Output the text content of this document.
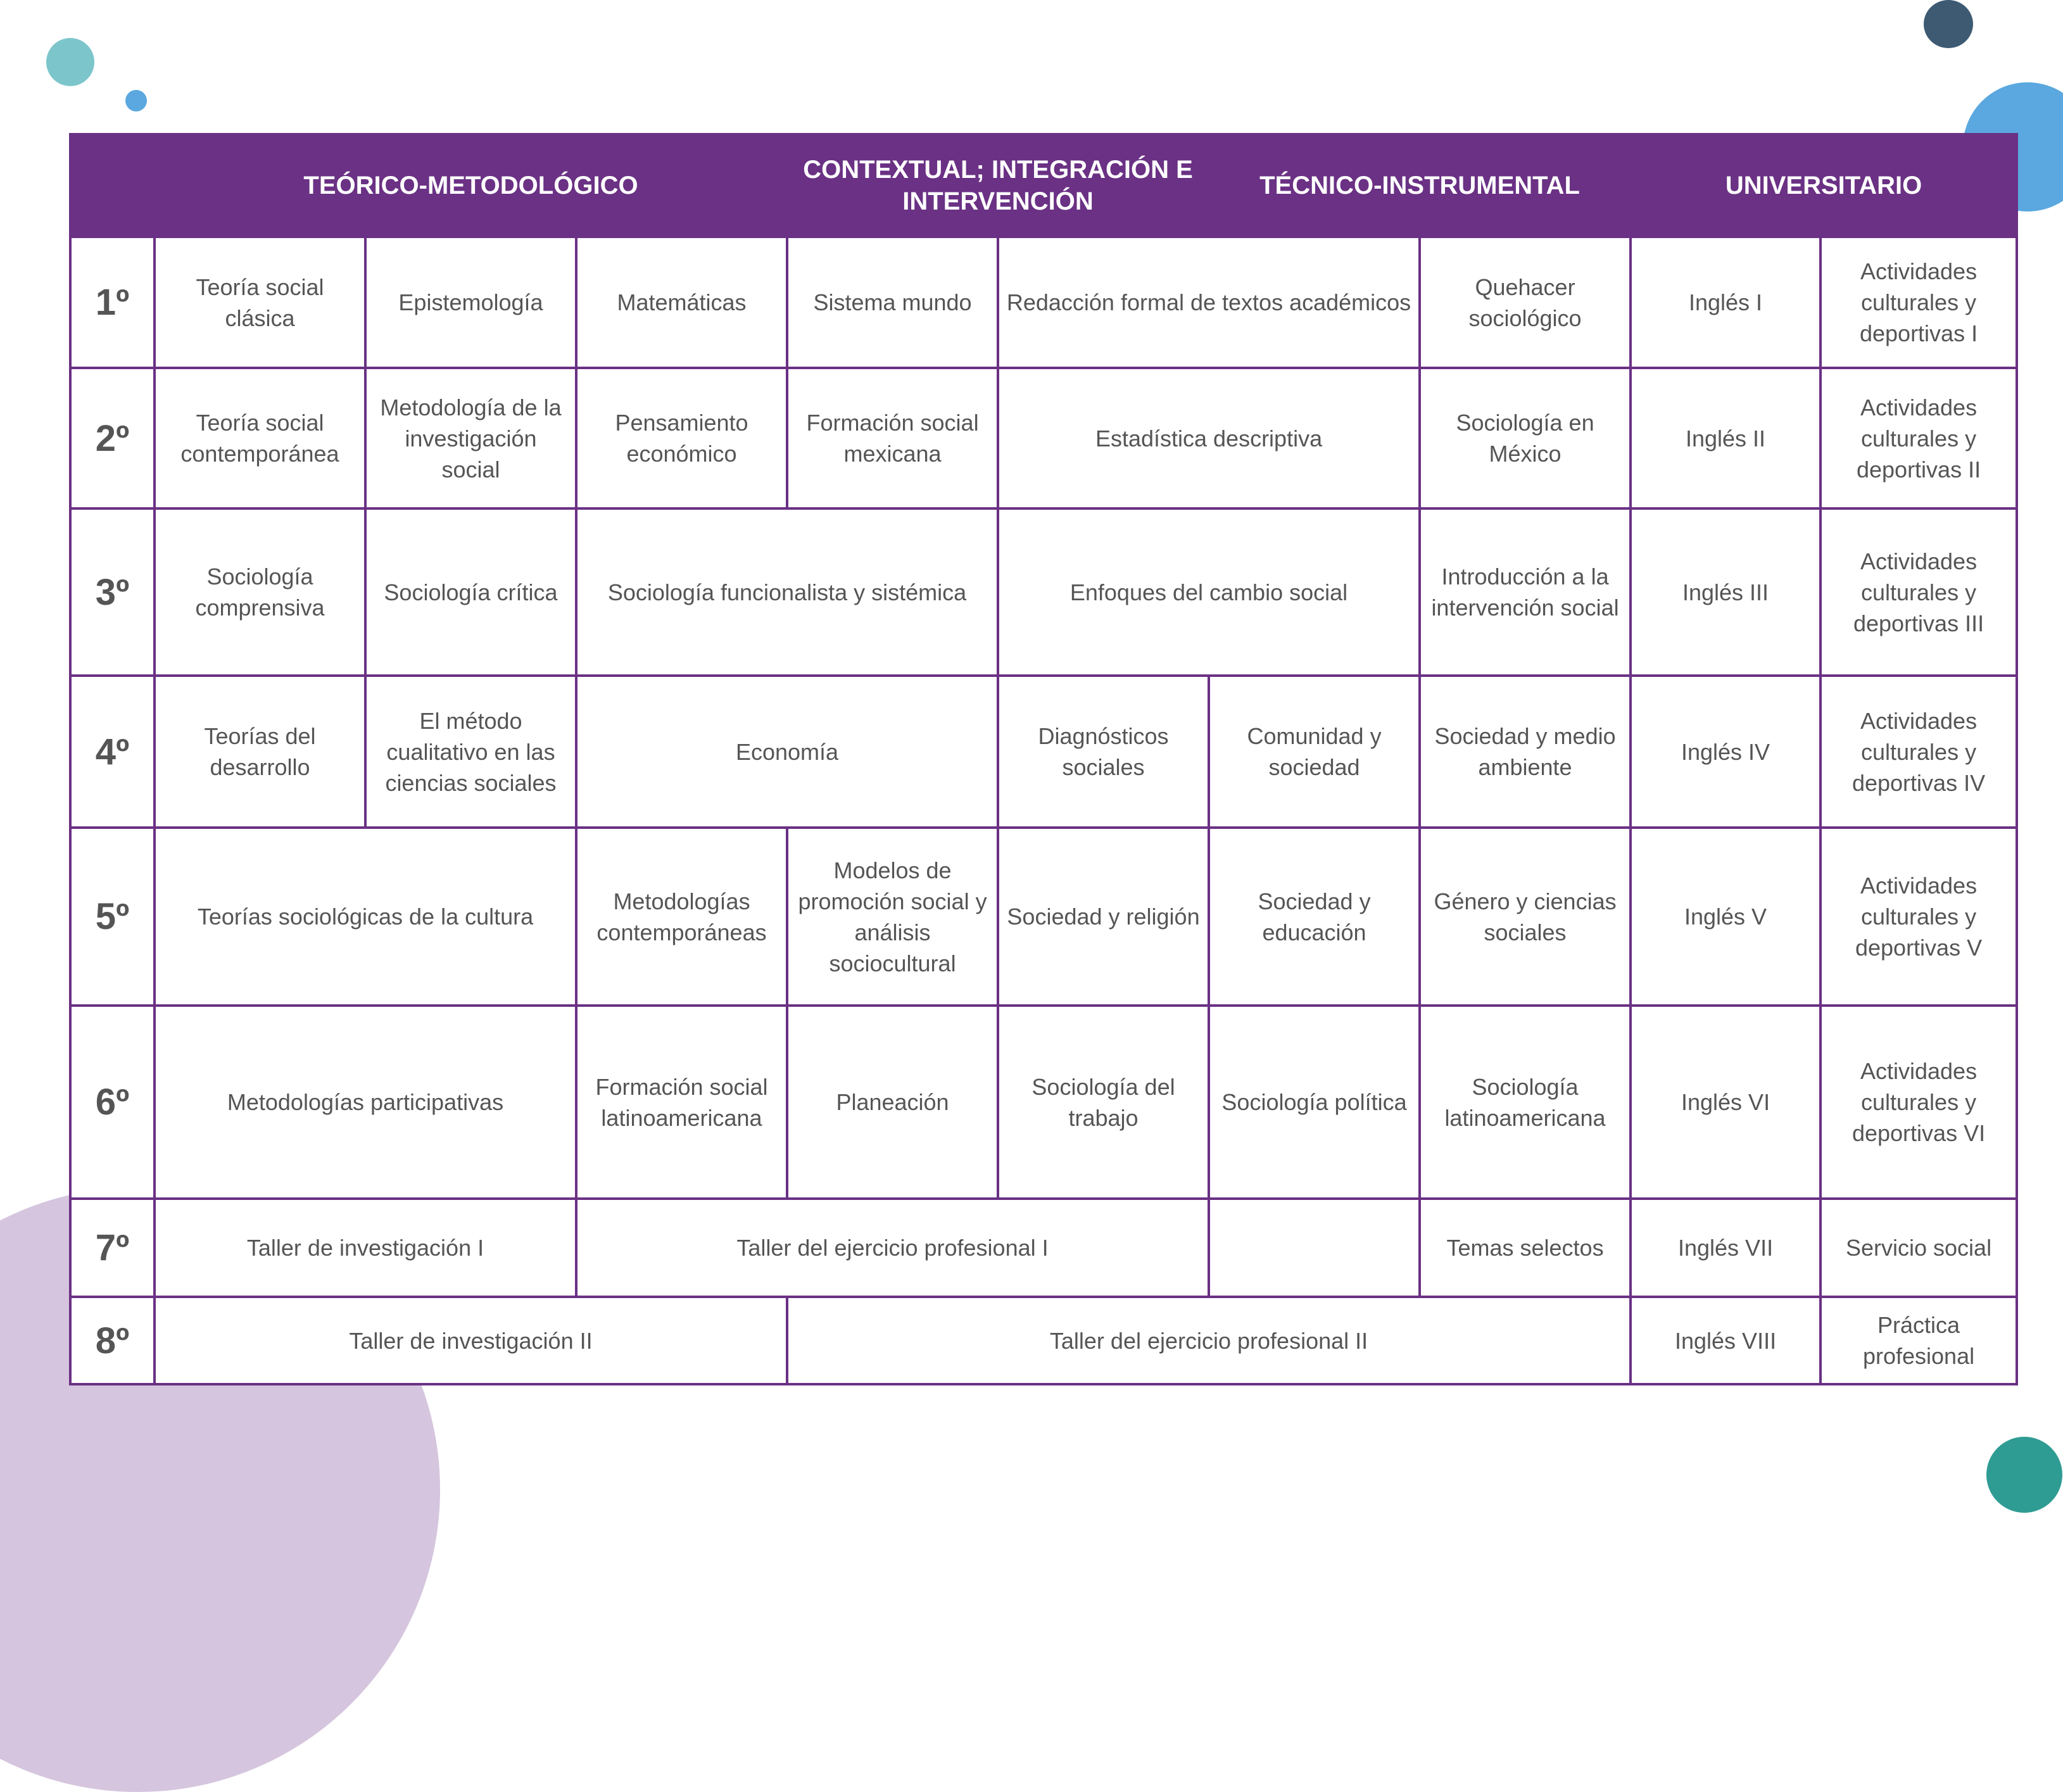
	TEÓRICO-METODOLÓGICO			CONTEXTUAL; INTEGRACIÓN E INTERVENCIÓN		TÉCNICO-INSTRUMENTAL		UNIVERSITARIO	
1º	Teoría social clásica	Epistemología	Matemáticas	Sistema mundo	Redacción formal de textos académicos		Quehacer sociológico	Inglés I	Actividades culturales y deportivas I
2º	Teoría social contemporánea	Metodología de la investigación social	Pensamiento económico	Formación social mexicana	Estadística descriptiva		Sociología en México	Inglés II	Actividades culturales y deportivas II
3º	Sociología comprensiva	Sociología crítica	Sociología funcionalista y sistémica		Enfoques del cambio social		Introducción a la intervención social	Inglés III	Actividades culturales y deportivas III
4º	Teorías del desarrollo	El método cualitativo en las ciencias sociales	Economía		Diagnósticos sociales	Comunidad y sociedad	Sociedad y medio ambiente	Inglés IV	Actividades culturales y deportivas IV
5º	Teorías sociológicas de la cultura		Metodologías contemporáneas	Modelos de promoción social y análisis sociocultural	Sociedad y religión	Sociedad y educación	Género y ciencias sociales	Inglés V	Actividades culturales y deportivas V
6º	Metodologías participativas		Formación social latinoamericana	Planeación	Sociología del trabajo	Sociología política	Sociología latinoamericana	Inglés VI	Actividades culturales y deportivas VI
7º	Taller de investigación I		Taller del ejercicio profesional I				Temas selectos	Inglés VII	Servicio social
8º	Taller de investigación II			Taller del ejercicio profesional II				Inglés VIII	Práctica profesional
